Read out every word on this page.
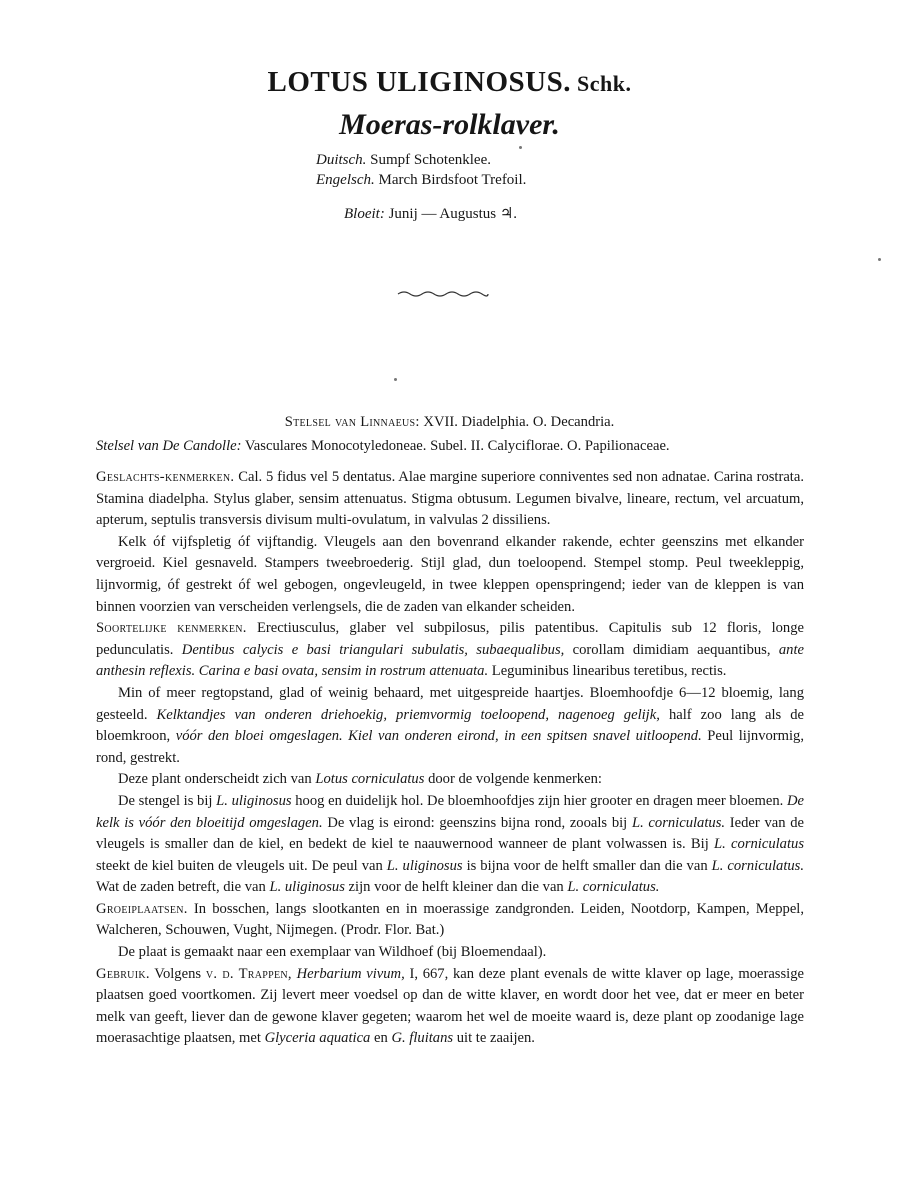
LOTUS ULIGINOSUS. Schk.
Moeras-rolklaver.
Duitsch. Sumpf Schotenklee.
Engelsch. March Birdsfoot Trefoil.
Bloeit: Junij — Augustus ♃.
Stelsel van Linnaeus: XVII. Diadelphia. O. Decandria.
Stelsel van De Candolle: Vasculares Monocotyledoneae. Subel. II. Calyciflorae. O. Papilionaceae.

Geslachts-kenmerken. Cal. 5 fidus vel 5 dentatus. Alae margine superiore conniventes sed non adnatae. Carina rostrata. Stamina diadelpha. Stylus glaber, sensim attenuatus. Stigma obtusum. Legumen bivalve, lineare, rectum, vel arcuatum, apterum, septulis transversis divisum multi-ovulatum, in valvulas 2 dissiliens.

Kelk óf vijfspletig óf vijftandig. Vleugels aan den bovenrand elkander rakende, echter geenszins met elkander vergroeid. Kiel gesnaveld. Stampers tweebroederig. Stijl glad, dun toeloopend. Stempel stomp. Peul tweekleppig, lijnvormig, óf gestrekt óf wel gebogen, ongevleugeld, in twee kleppen openspringend; ieder van de kleppen is van binnen voorzien van verscheiden verlengsels, die de zaden van elkander scheiden.

Soortelijke kenmerken. Erectiusculus, glaber vel subpilosus, pilis patentibus. Capitulis sub 12 floris, longe pedunculatis. Dentibus calycis e basi triangulari subulatis, subaequalibus, corollam dimidiam aequantibus, ante anthesin reflexis. Carina e basi ovata, sensim in rostrum attenuata. Leguminibus linearibus teretibus, rectis.

Min of meer regtopstand, glad of weinig behaard, met uitgespreide haartjes. Bloemhoofdje 6—12 bloemig, lang gesteeld. Kelktandjes van onderen driehoekig, priemvormig toeloopend, nagenoeg gelijk, half zoo lang als de bloemkroon, vóór den bloei omgeslagen. Kiel van onderen eirond, in een spitsen snavel uitloopend. Peul lijnvormig, rond, gestrekt.

Deze plant onderscheidt zich van Lotus corniculatus door de volgende kenmerken:

De stengel is bij L. uliginosus hoog en duidelijk hol. De bloemhoofdjes zijn hier grooter en dragen meer bloemen. De kelk is vóór den bloeitijd omgeslagen. De vlag is eirond: geenszins bijna rond, zooals bij L. corniculatus. Ieder van de vleugels is smaller dan de kiel, en bedekt de kiel te naauwernood wanneer de plant volwassen is. Bij L. corniculatus steekt de kiel buiten de vleugels uit. De peul van L. uliginosus is bijna voor de helft smaller dan die van L. corniculatus. Wat de zaden betreft, die van L. uliginosus zijn voor de helft kleiner dan die van L. corniculatus.

Groeiplaatsen. In bosschen, langs slootkanten en in moerassige zandgronden. Leiden, Nootdorp, Kampen, Meppel, Walcheren, Schouwen, Vught, Nijmegen. (Prodr. Flor. Bat.)

De plaat is gemaakt naar een exemplaar van Wildhoef (bij Bloemendaal).

Gebruik. Volgens v. d. Trappen, Herbarium vivum, I, 667, kan deze plant evenals de witte klaver op lage, moerassige plaatsen goed voortkomen. Zij levert meer voedsel op dan de witte klaver, en wordt door het vee, dat er meer en beter melk van geeft, liever dan de gewone klaver gegeten; waarom het wel de moeite waard is, deze plant op zoodanige lage moerasachtige plaatsen, met Glyceria aquatica en G. fluitans uit te zaaijen.
